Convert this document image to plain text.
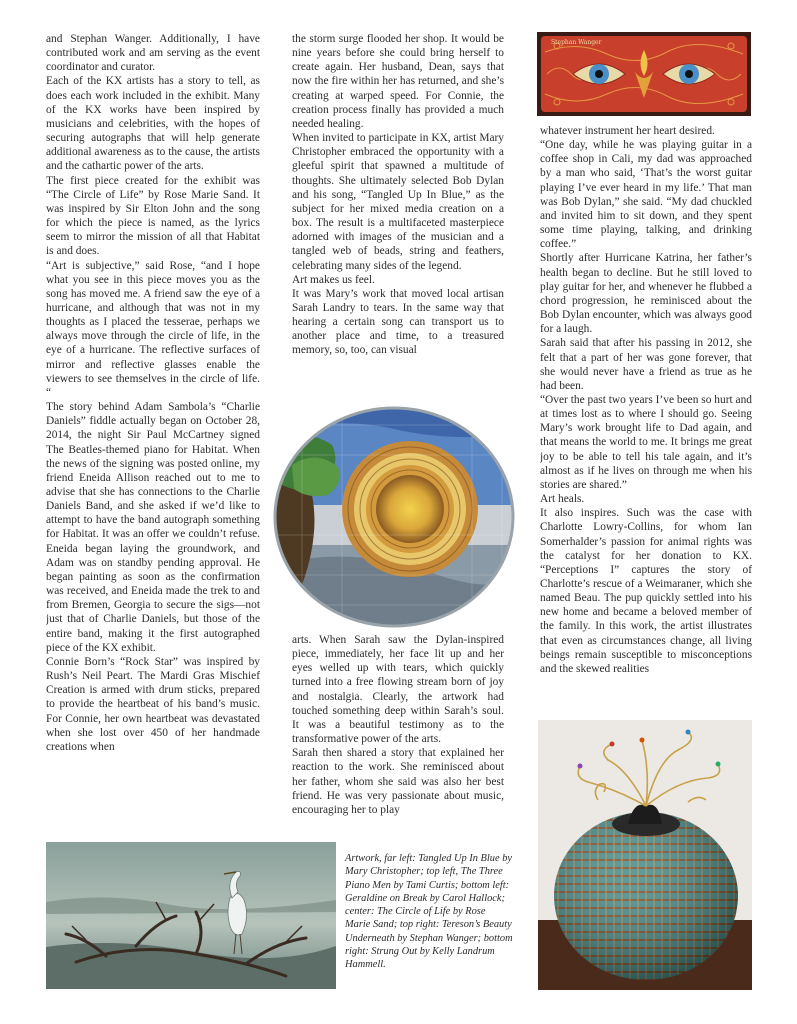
and Stephan Wanger. Additionally, I have contributed work and am serving as the event coordinator and curator.

Each of the KX artists has a story to tell, as does each work included in the exhibit. Many of the KX works have been inspired by musicians and celebrities, with the hopes of securing autographs that will help generate additional awareness as to the cause, the artists and the cathartic power of the arts.

The first piece created for the exhibit was “The Circle of Life” by Rose Marie Sand. It was inspired by Sir Elton John and the song for which the piece is named, as the lyrics seem to mirror the mission of all that Habitat is and does.

“Art is subjective,” said Rose, “and I hope what you see in this piece moves you as the song has moved me. A friend saw the eye of a hurricane, and although that was not in my thoughts as I placed the tesserae, perhaps we always move through the circle of life, in the eye of a hurricane. The reflective surfaces of mirror and reflective glasses enable the viewers to see themselves in the circle of life. “

The story behind Adam Sambola’s “Charlie Daniels” fiddle actually began on October 28, 2014, the night Sir Paul McCartney signed The Beatles-themed piano for Habitat. When the news of the signing was posted online, my friend Eneida Allison reached out to me to advise that she has connections to the Charlie Daniels Band, and she asked if we’d like to attempt to have the band autograph something for Habitat. It was an offer we couldn’t refuse. Eneida began laying the groundwork, and Adam was on standby pending approval. He began painting as soon as the confirmation was received, and Eneida made the trek to and from Bremen, Georgia to secure the sigs—not just that of Charlie Daniels, but those of the entire band, making it the first autographed piece of the KX exhibit.

Connie Born’s “Rock Star” was inspired by Rush’s Neil Peart. The Mardi Gras Mischief Creation is armed with drum sticks, prepared to provide the heartbeat of his band’s music. For Connie, her own heartbeat was devastated when she lost over 450 of her handmade creations when

the storm surge flooded her shop. It would be nine years before she could bring herself to create again. Her husband, Dean, says that now the fire within her has returned, and she’s creating at warped speed. For Connie, the creation process finally has provided a much needed healing.

When invited to participate in KX, artist Mary Christopher embraced the opportunity with a gleeful spirit that spawned a multitude of thoughts. She ultimately selected Bob Dylan and his song, “Tangled Up In Blue,” as the subject for her mixed media creation on a box. The result is a multifaceted masterpiece adorned with images of the musician and a tangled web of beads, string and feathers, celebrating many sides of the legend.

Art makes us feel.

It was Mary’s work that moved local artisan Sarah Landry to tears. In the same way that hearing a certain song can transport us to another place and time, to a treasured memory, so, too, can visual

arts. When Sarah saw the Dylan-inspired piece, immediately, her face lit up and her eyes welled up with tears, which quickly turned into a free flowing stream born of joy and nostalgia. Clearly, the artwork had touched something deep within Sarah’s soul. It was a beautiful testimony as to the transformative power of the arts.

Sarah then shared a story that explained her reaction to the work. She reminisced about her father, whom she said was also her best friend. He was very passionate about music, encouraging her to play

whatever instrument her heart desired.

“One day, while he was playing guitar in a coffee shop in Cali, my dad was approached by a man who said, ‘That’s the worst guitar playing I’ve ever heard in my life.’ That man was Bob Dylan,” she said. “My dad chuckled and invited him to sit down, and they spent some time playing, talking, and drinking coffee.”

Shortly after Hurricane Katrina, her father’s health began to decline. But he still loved to play guitar for her, and whenever he flubbed a chord progression, he reminisced about the Bob Dylan encounter, which was always good for a laugh.

Sarah said that after his passing in 2012, she felt that a part of her was gone forever, that she would never have a friend as true as he had been.

“Over the past two years I’ve been so hurt and at times lost as to where I should go. Seeing Mary’s work brought life to Dad again, and that means the world to me. It brings me great joy to be able to tell his tale again, and it’s almost as if he lives on through me when his stories are shared.”

Art heals.

It also inspires. Such was the case with Charlotte Lowry-Collins, for whom Ian Somerhalder’s passion for animal rights was the catalyst for her donation to KX. “Perceptions I” captures the story of Charlotte’s rescue of a Weimaraner, which she named Beau. The pup quickly settled into his new home and became a beloved member of the family. In this work, the artist illustrates that even as circumstances change, all living beings remain susceptible to misconceptions and the skewed realities

Stephan Wanger
Artwork, far left: Tangled Up In Blue by Mary Christopher; top left, The Three Piano Men by Tami Curtis; bottom left: Geraldine on Break by Carol Hallock; center: The Circle of Life by Rose Marie Sand; top right: Tereson’s Beauty Underneath by Stephan Wanger; bottom right: Strung Out by Kelly Landrum Hammell.
